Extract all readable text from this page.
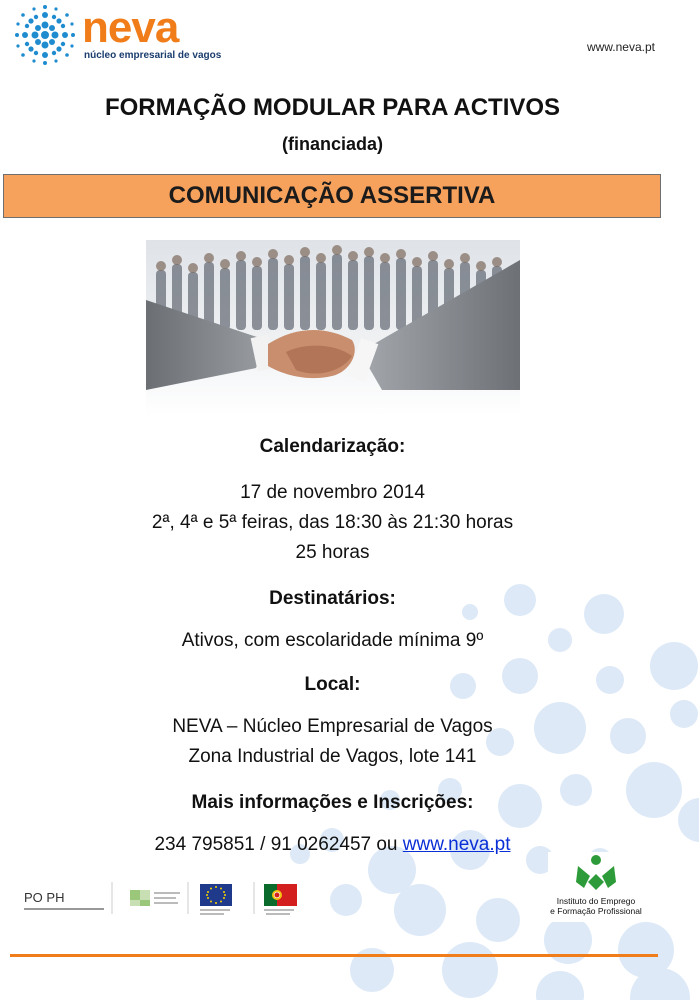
neva
núcleo empresarial de vagos
www.neva.pt
FORMAÇÃO MODULAR PARA ACTIVOS
(financiada)
COMUNICAÇÃO ASSERTIVA
Calendarização:
17 de novembro 2014
2ª, 4ª e 5ª feiras, das 18:30 às 21:30 horas
25 horas
Destinatários:
Ativos, com escolaridade mínima 9º
Local:
NEVA – Núcleo Empresarial de Vagos
Zona Industrial de Vagos, lote 141
Mais informações e Inscrições:
234 795851 / 91 0262457 ou www.neva.pt
PO PH	Instituto do Emprego
e Formação Profissional
